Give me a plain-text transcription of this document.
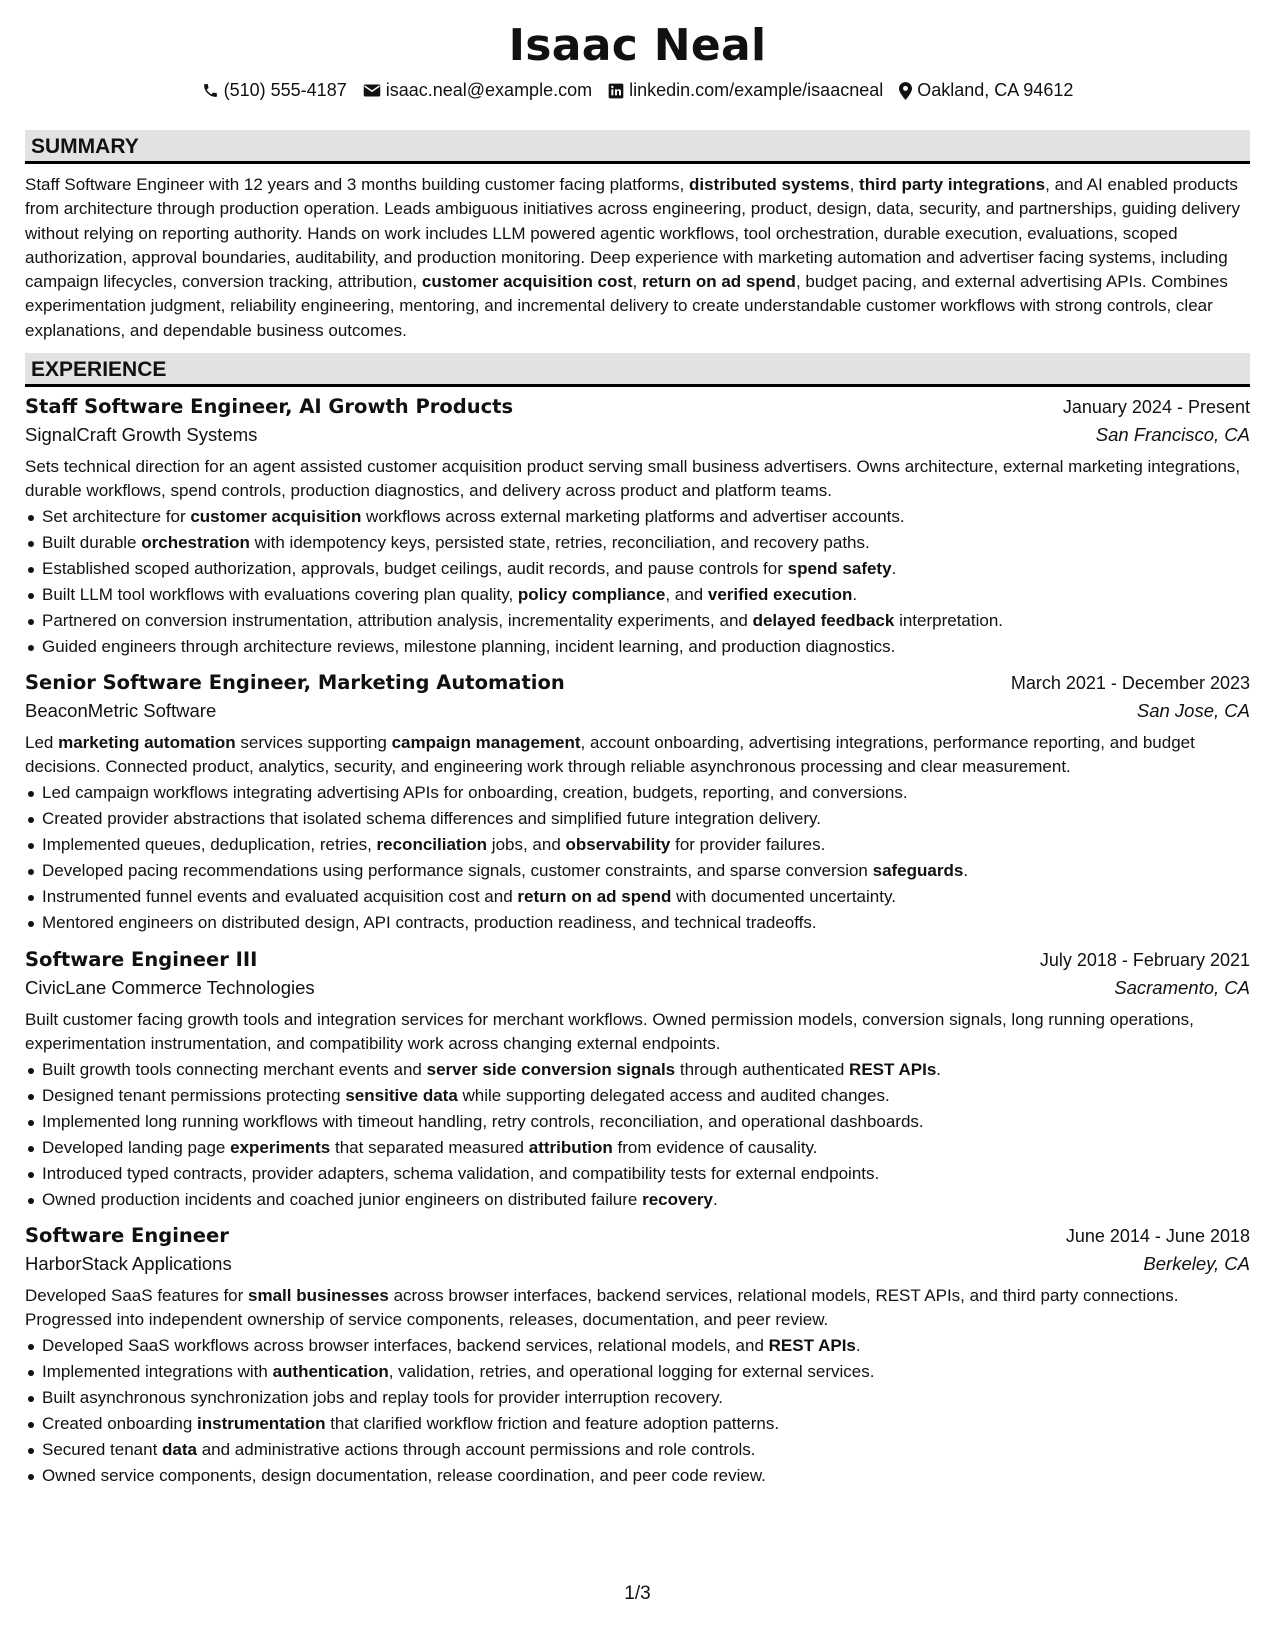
Isaac Neal
(510) 555-4187 isaac.neal@example.com linkedin.com/example/isaacneal Oakland, CA 94612
SUMMARY

Staff Software Engineer with 12 years and 3 months building customer facing platforms, distributed systems, third party integrations, and AI enabled products from architecture through production operation. Leads ambiguous initiatives across engineering, product, design, data, security, and partnerships, guiding delivery without relying on reporting authority. Hands on work includes LLM powered agentic workflows, tool orchestration, durable execution, evaluations, scoped authorization, approval boundaries, auditability, and production monitoring. Deep experience with marketing automation and advertiser facing systems, including campaign lifecycles, conversion tracking, attribution, customer acquisition cost, return on ad spend, budget pacing, and external advertising APIs. Combines experimentation judgment, reliability engineering, mentoring, and incremental delivery to create understandable customer workflows with strong controls, clear explanations, and dependable business outcomes.

EXPERIENCE
Staff Software Engineer, AI Growth Products	January 2024 - Present
SignalCraft Growth Systems	San Francisco, CA
Sets technical direction for an agent assisted customer acquisition product serving small business advertisers. Owns architecture, external marketing integrations, durable workflows, spend controls, production diagnostics, and delivery across product and platform teams.
Set architecture for customer acquisition workflows across external marketing platforms and advertiser accounts.
Built durable orchestration with idempotency keys, persisted state, retries, reconciliation, and recovery paths.
Established scoped authorization, approvals, budget ceilings, audit records, and pause controls for spend safety.
Built LLM tool workflows with evaluations covering plan quality, policy compliance, and verified execution.
Partnered on conversion instrumentation, attribution analysis, incrementality experiments, and delayed feedback interpretation.
Guided engineers through architecture reviews, milestone planning, incident learning, and production diagnostics.
Senior Software Engineer, Marketing Automation	March 2021 - December 2023
BeaconMetric Software	San Jose, CA
Led marketing automation services supporting campaign management, account onboarding, advertising integrations, performance reporting, and budget decisions. Connected product, analytics, security, and engineering work through reliable asynchronous processing and clear measurement.
Led campaign workflows integrating advertising APIs for onboarding, creation, budgets, reporting, and conversions.
Created provider abstractions that isolated schema differences and simplified future integration delivery.
Implemented queues, deduplication, retries, reconciliation jobs, and observability for provider failures.
Developed pacing recommendations using performance signals, customer constraints, and sparse conversion safeguards.
Instrumented funnel events and evaluated acquisition cost and return on ad spend with documented uncertainty.
Mentored engineers on distributed design, API contracts, production readiness, and technical tradeoffs.
Software Engineer III	July 2018 - February 2021
CivicLane Commerce Technologies	Sacramento, CA
Built customer facing growth tools and integration services for merchant workflows. Owned permission models, conversion signals, long running operations, experimentation instrumentation, and compatibility work across changing external endpoints.
Built growth tools connecting merchant events and server side conversion signals through authenticated REST APIs.
Designed tenant permissions protecting sensitive data while supporting delegated access and audited changes.
Implemented long running workflows with timeout handling, retry controls, reconciliation, and operational dashboards.
Developed landing page experiments that separated measured attribution from evidence of causality.
Introduced typed contracts, provider adapters, schema validation, and compatibility tests for external endpoints.
Owned production incidents and coached junior engineers on distributed failure recovery.
Software Engineer	June 2014 - June 2018
HarborStack Applications	Berkeley, CA
Developed SaaS features for small businesses across browser interfaces, backend services, relational models, REST APIs, and third party connections. Progressed into independent ownership of service components, releases, documentation, and peer review.
Developed SaaS workflows across browser interfaces, backend services, relational models, and REST APIs.
Implemented integrations with authentication, validation, retries, and operational logging for external services.
Built asynchronous synchronization jobs and replay tools for provider interruption recovery.
Created onboarding instrumentation that clarified workflow friction and feature adoption patterns.
Secured tenant data and administrative actions through account permissions and role controls.
Owned service components, design documentation, release coordination, and peer code review.
1/3
